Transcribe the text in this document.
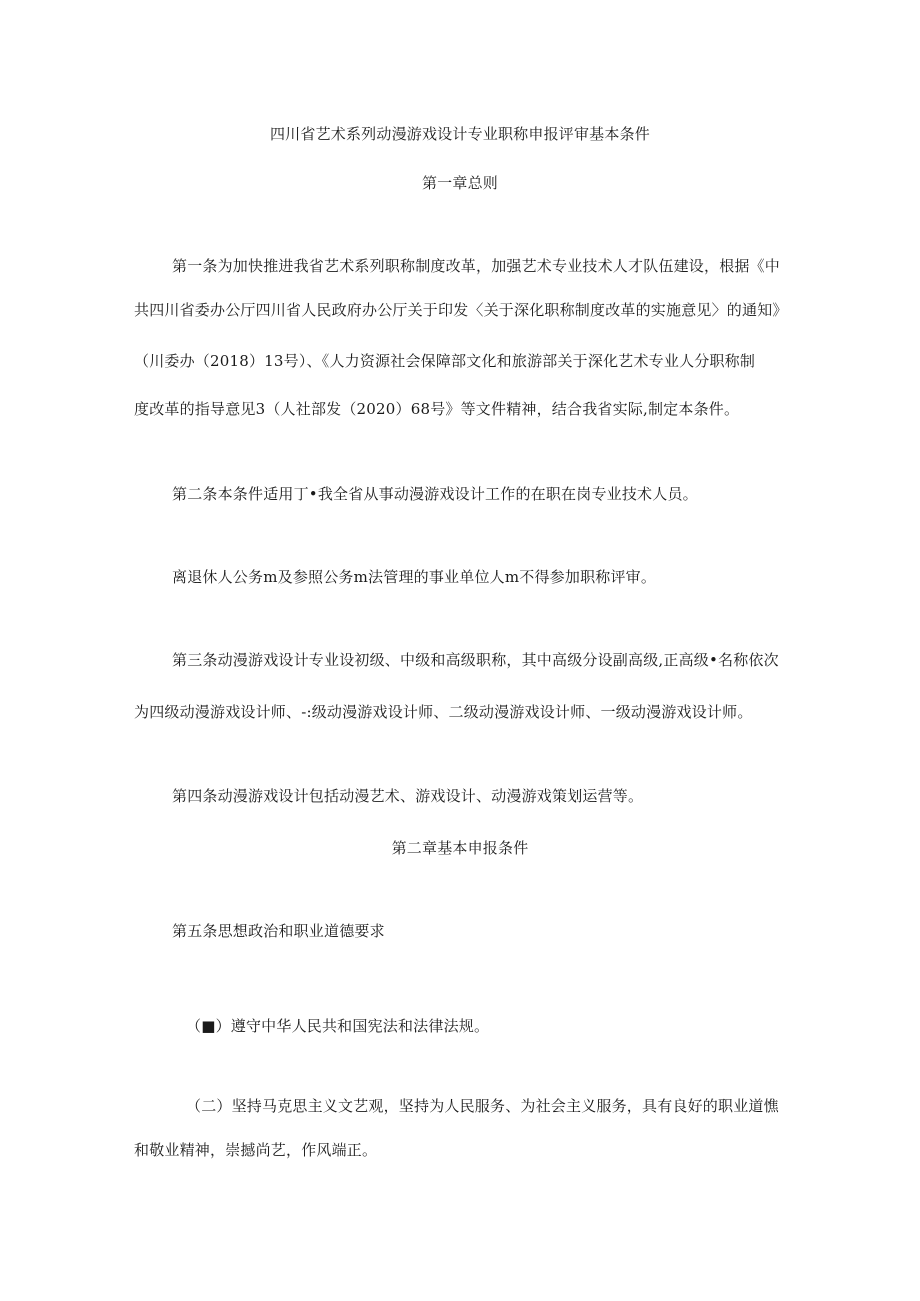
四川省艺术系列动漫游戏设计专业职称申报评审基本条件
第一章总则
第一条为加快推进我省艺术系列职称制度改革，加强艺术专业技术人才队伍建设，根据《中
共四川省委办公厅四川省人民政府办公厅关于印发〈关于深化职称制度改革的实施意见〉的通知》
（川委办（2018）13号）、《人力资源社会保障部文化和旅游部关于深化艺术专业人分职称制
度改革的指导意见3（人社部发（2020）68号》等文件精神，结合我省实际,制定本条件。
第二条本条件适用丁•我全省从事动漫游戏设计工作的在职在岗专业技术人员。
离退休人公务m及参照公务m法管理的事业单位人m不得参加职称评审。
第三条动漫游戏设计专业设初级、中级和高级职称，其中高级分设副高级,正高级•名称依次
为四级动漫游戏设计师、-:级动漫游戏设计师、二级动漫游戏设计师、一级动漫游戏设计师。
第四条动漫游戏设计包括动漫艺术、游戏设计、动漫游戏策划运营等。
第二章基本申报条件
第五条思想政治和职业道德要求
（■）遵守中华人民共和国宪法和法律法规。
（二）坚持马克思主义文艺观，坚持为人民服务、为社会主义服务，具有良好的职业道憔
和敬业精神，崇撼尚艺，作风端正。
